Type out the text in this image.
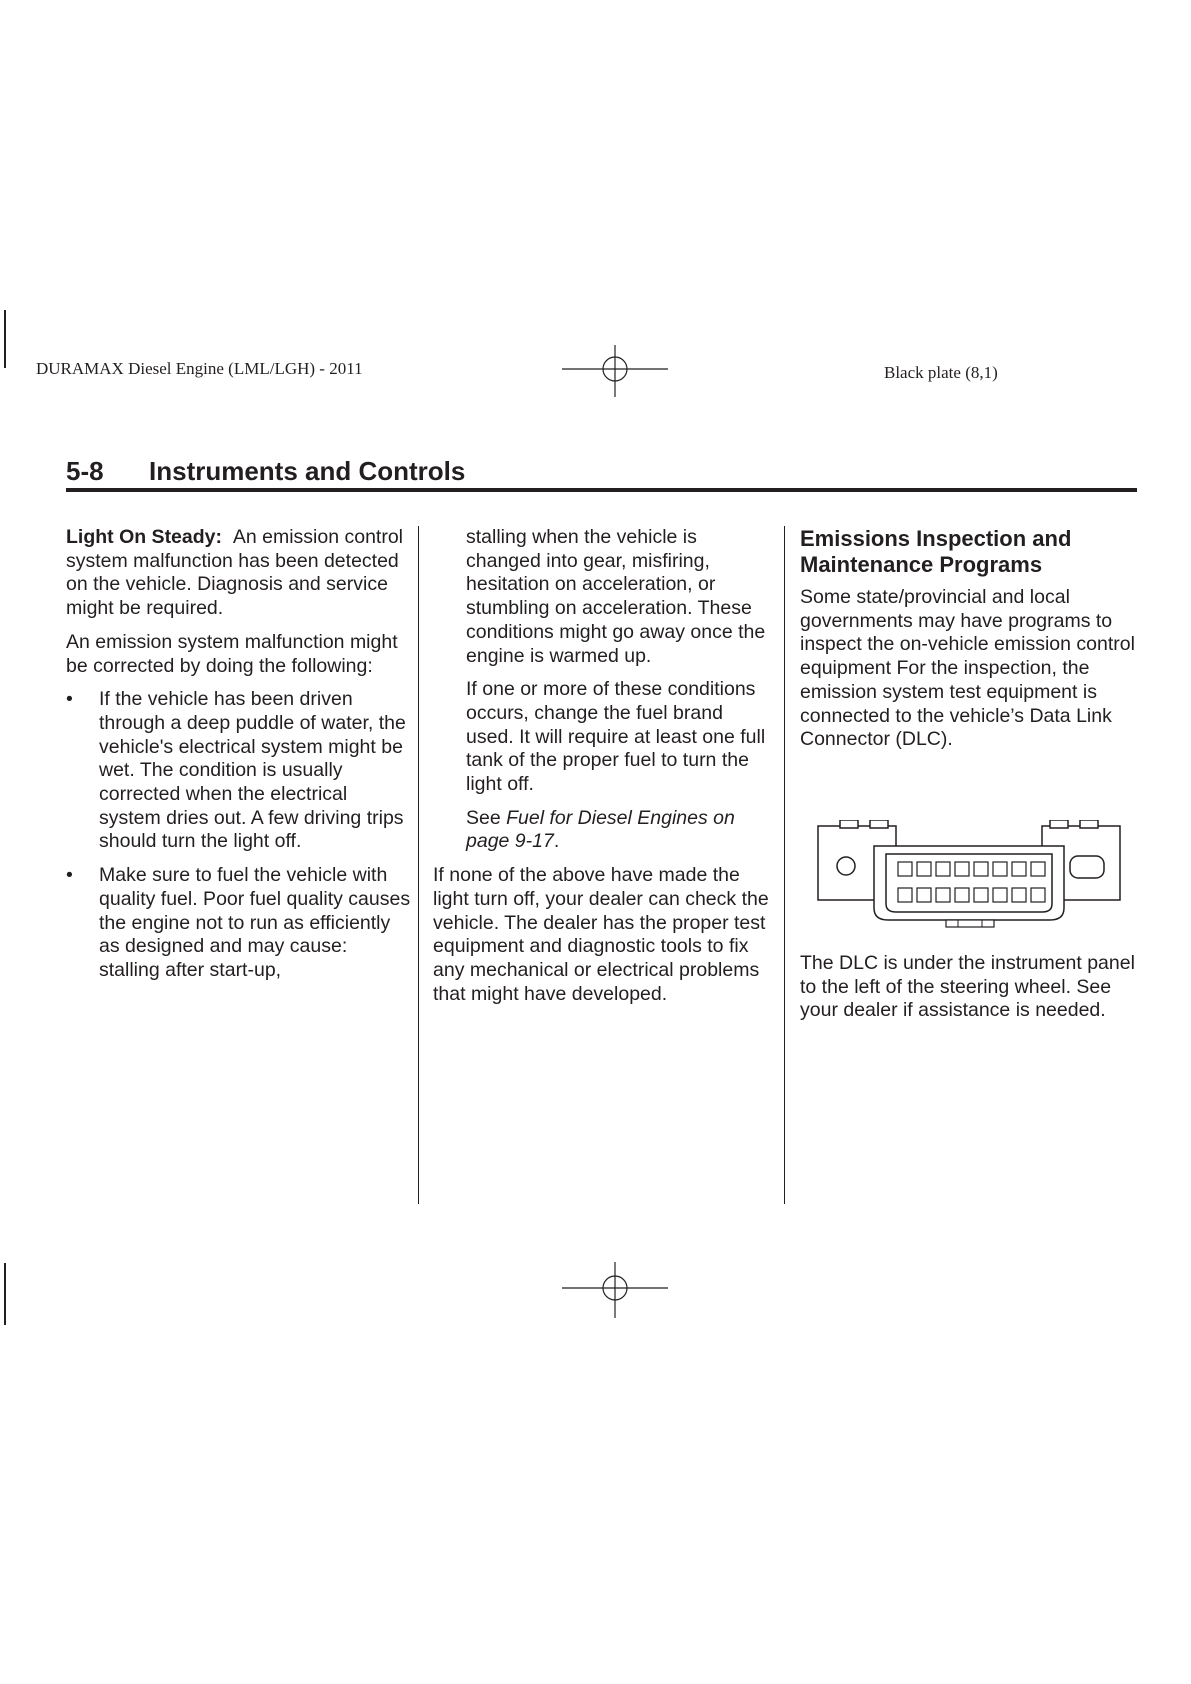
DURAMAX Diesel Engine (LML/LGH) - 2011	Black plate (8,1)
5-8 Instruments and Controls

Light On Steady: An emission control system malfunction has been detected on the vehicle. Diagnosis and service might be required.

An emission system malfunction might be corrected by doing the following:

• If the vehicle has been driven through a deep puddle of water, the vehicle's electrical system might be wet. The condition is usually corrected when the electrical system dries out. A few driving trips should turn the light off.
• Make sure to fuel the vehicle with quality fuel. Poor fuel quality causes the engine not to run as efficiently as designed and may cause: stalling after start-up,

stalling when the vehicle is changed into gear, misfiring, hesitation on acceleration, or stumbling on acceleration. These conditions might go away once the engine is warmed up.

If one or more of these conditions occurs, change the fuel brand used. It will require at least one full tank of the proper fuel to turn the light off.

See Fuel for Diesel Engines on page 9-17.

If none of the above have made the light turn off, your dealer can check the vehicle. The dealer has the proper test equipment and diagnostic tools to fix any mechanical or electrical problems that might have developed.

Emissions Inspection and Maintenance Programs

Some state/provincial and local governments may have programs to inspect the on-vehicle emission control equipment For the inspection, the emission system test equipment is connected to the vehicle’s Data Link Connector (DLC).

The DLC is under the instrument panel to the left of the steering wheel. See your dealer if assistance is needed.
